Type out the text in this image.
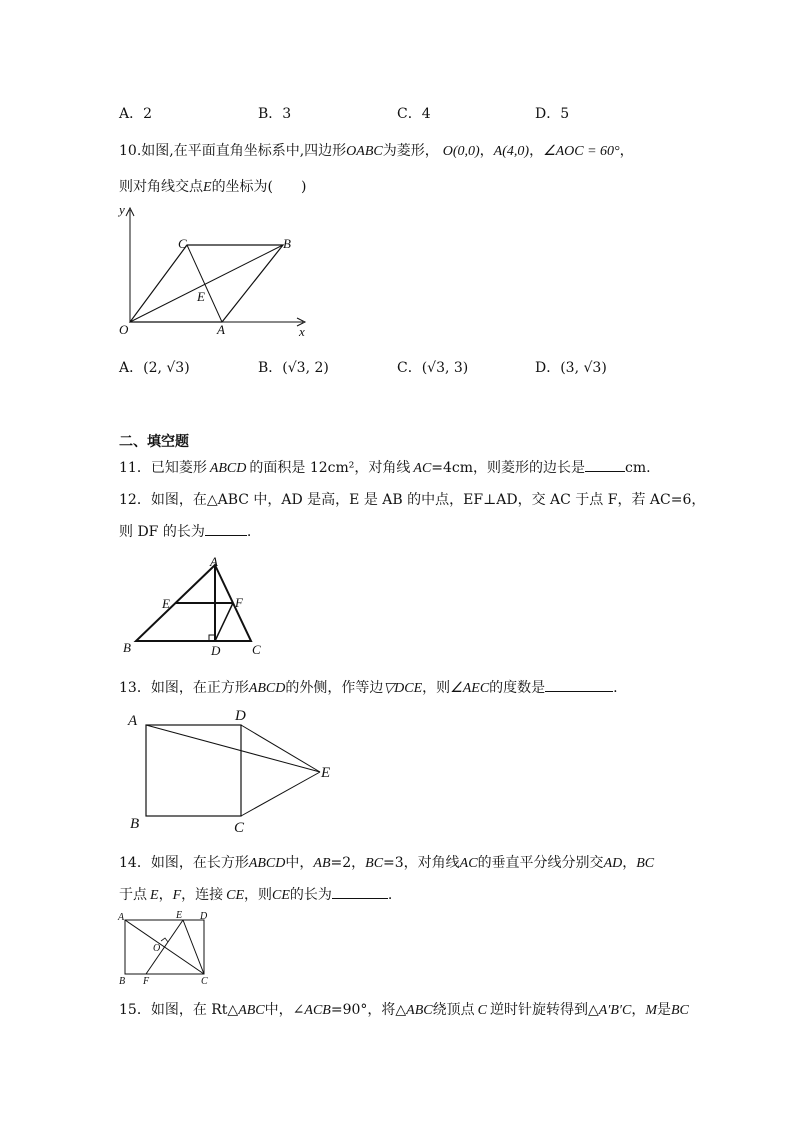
A．2	B．3	C．4	D．5
10.如图,在平面直角坐标系中,四边形OABC为菱形， O(0,0)，A(4,0)，∠AOC = 60°，
则对角线交点E的坐标为(　　)
y
x
O	A
B
C
E
A．(2, √3)	B．(√3, 2)	C．(√3, 3)	D．(3, √3)
二、填空题
11．已知菱形 ABCD 的面积是 12cm²，对角线 AC=4cm，则菱形的边长是	cm.
12．如图，在△ABC 中，AD 是高，E 是 AB 的中点，EF⊥AD，交 AC 于点 F，若 AC=6，
则 DF 的长为	.
A
E	F
B	D C
13．如图，在正方形ABCD的外侧，作等边▽DCE，则∠AEC的度数是	.
A	D
E
B	C
14．如图，在长方形ABCD中，AB=2，BC=3，对角线AC的垂直平分线分别交AD，BC
于点 E，F，连接 CE，则CE的长为	.
A	E D
O
B F	C
15．如图，在 Rt△ABC中，∠ACB=90°，将△ABC绕顶点 C 逆时针旋转得到△A′B′C，M是BC
